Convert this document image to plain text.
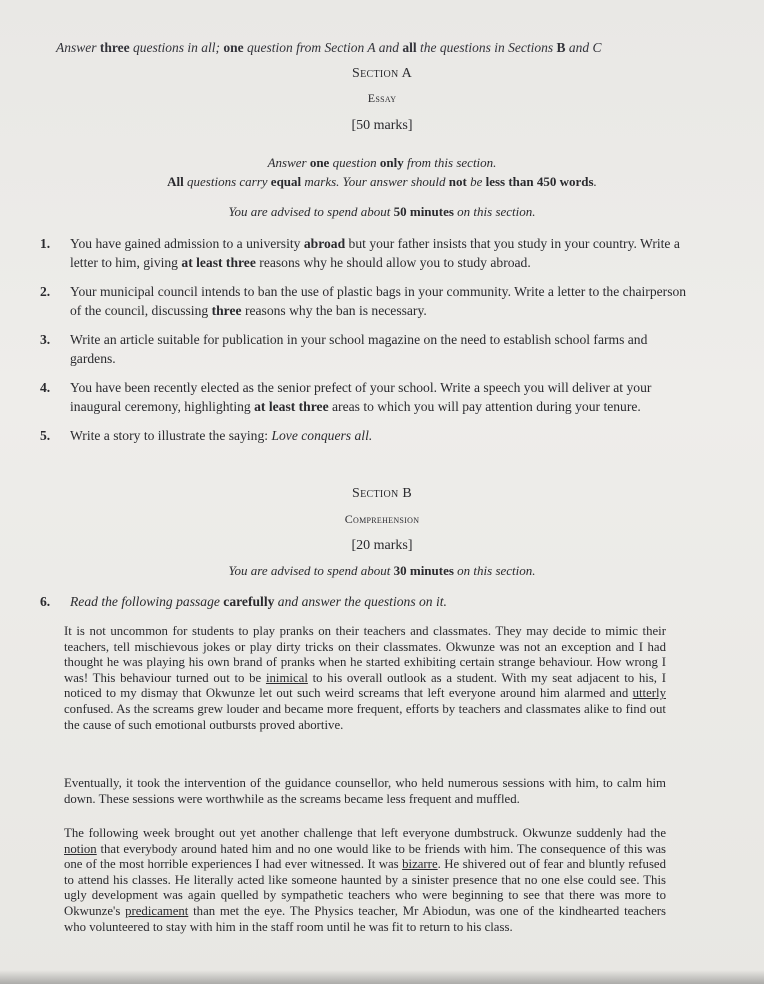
Answer three questions in all; one question from Section A and all the questions in Sections B and C
Section A
Essay
[50 marks]
Answer one question only from this section.
All questions carry equal marks. Your answer should not be less than 450 words.
You are advised to spend about 50 minutes on this section.
1.	You have gained admission to a university abroad but your father insists that you study in your country. Write a letter to him, giving at least three reasons why he should allow you to study abroad.
2.	Your municipal council intends to ban the use of plastic bags in your community. Write a letter to the chairperson of the council, discussing three reasons why the ban is necessary.
3.	Write an article suitable for publication in your school magazine on the need to establish school farms and gardens.
4.	You have been recently elected as the senior prefect of your school. Write a speech you will deliver at your inaugural ceremony, highlighting at least three areas to which you will pay attention during your tenure.
5.	Write a story to illustrate the saying: Love conquers all.
Section B
Comprehension
[20 marks]
You are advised to spend about 30 minutes on this section.
6.	Read the following passage carefully and answer the questions on it.
It is not uncommon for students to play pranks on their teachers and classmates. They may decide to mimic their teachers, tell mischievous jokes or play dirty tricks on their classmates. Okwunze was not an exception and I had thought he was playing his own brand of pranks when he started exhibiting certain strange behaviour. How wrong I was! This behaviour turned out to be inimical to his overall outlook as a student. With my seat adjacent to his, I noticed to my dismay that Okwunze let out such weird screams that left everyone around him alarmed and utterly confused. As the screams grew louder and became more frequent, efforts by teachers and classmates alike to find out the cause of such emotional outbursts proved abortive.
Eventually, it took the intervention of the guidance counsellor, who held numerous sessions with him, to calm him down. These sessions were worthwhile as the screams became less frequent and muffled.
The following week brought out yet another challenge that left everyone dumbstruck. Okwunze suddenly had the notion that everybody around hated him and no one would like to be friends with him. The consequence of this was one of the most horrible experiences I had ever witnessed. It was bizarre. He shivered out of fear and bluntly refused to attend his classes. He literally acted like someone haunted by a sinister presence that no one else could see. This ugly development was again quelled by sympathetic teachers who were beginning to see that there was more to Okwunze's predicament than met the eye. The Physics teacher, Mr Abiodun, was one of the kindhearted teachers who volunteered to stay with him in the staff room until he was fit to return to his class.
